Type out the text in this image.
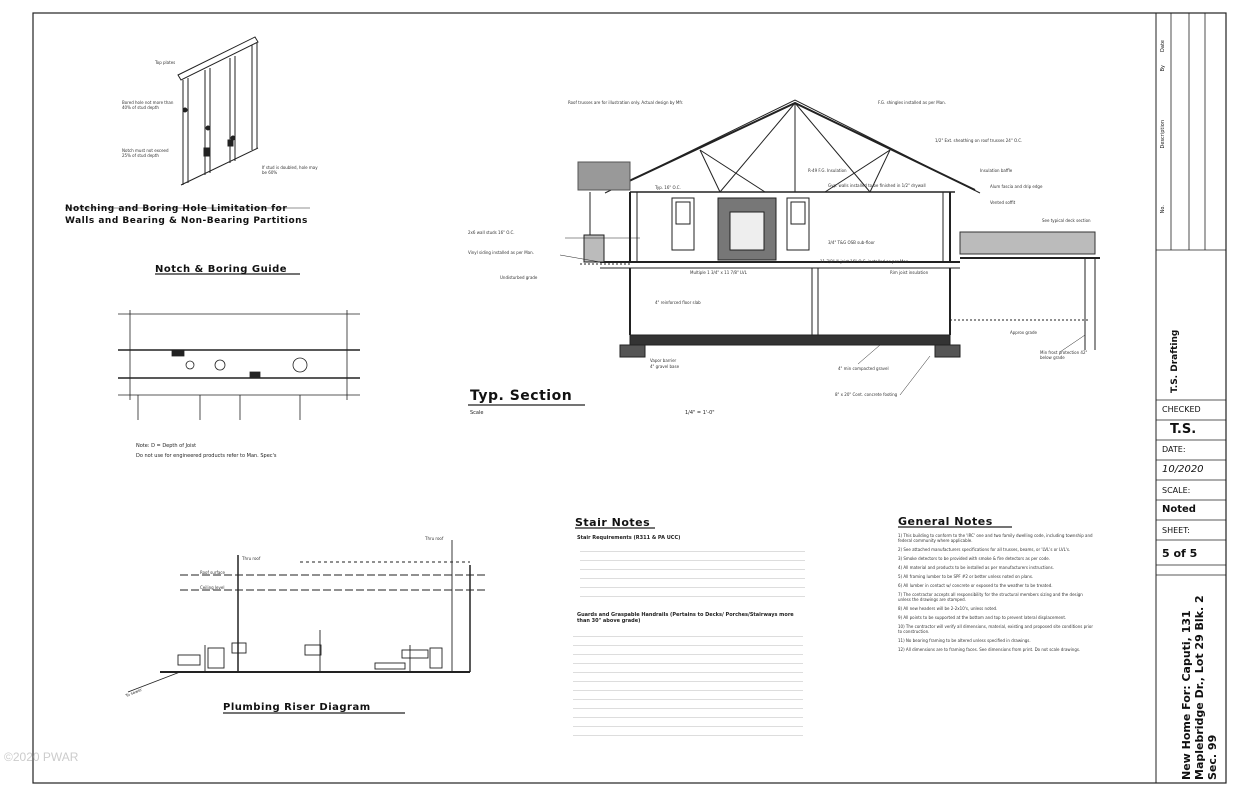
Notching and Boring Hole Limitation for Walls and Bearing & Non-Bearing Partitions
Top plates
Bored hole not more than 40% of stud depth
Notch must not exceed 25% of stud depth
If stud is doubled, hole may be 60%
Notch & Boring Guide
Note: D = Depth of Joist
Do not use for engineered products refer to Man. Spec's
Roof trusses are for illustration only. Actual design by Mfr.	F.G. shingles installed as per Man.
1/2" Ext. sheathing on roof trusses 24" O.C.
R-49 F.G. Insulation	Insulation baffle
Alum fascia and drip edge
Vented soffit
See typical deck section
Typ. 16" O.C.	Gyp. walls installed to be finished in 1/2" drywall
3/4" T&G OSB sub-floor
2x6 wall studs 16" O.C.
Vinyl siding installed as per Man.
Undisturbed grade
11 7/8" 'I' joist 16" O.C. installed as per Man.
Multiple 1 3/4" x 11 7/8" LVL	Rim joist insulation
4" reinforced floor slab
Approx grade
Vapor barrier
4" gravel base	4" min compacted gravel
8" x 20" Cont. concrete footing
Min frost protection 42" below grade
Typ. Section
Scale	1/4" = 1'-0"
Thru roof
Thru roof
Roof surface
Ceiling level
To sewer
Plumbing Riser Diagram
Stair Notes
Stair Requirements (R311 & PA UCC)
Guards and Graspable Handrails (Pertains to Decks/ Porches/Stairways more than 30" above grade)
General Notes
1) This building to conform to the 'IRC' one and two family dwelling code, including township and federal community where applicable.
2) See attached manufacturers specifications for all trusses, beams, or 'LVL's or LVL's.
3) Smoke detectors to be provided with smoke & fire detectors as per code.
4) All material and products to be installed as per manufacturers instructions.
5) All framing lumber to be SPF #2 or better unless noted on plans.
6) All lumber in contact w/ concrete or exposed to the weather to be treated.
7) The contractor accepts all responsibility for the structural members sizing and the design unless the drawings are stamped.
8) All new headers will be 2-2x10's, unless noted.
9) All points to be supported at the bottom and top to prevent lateral displacement.
10) The contractor will verify all dimensions, material, existing and proposed site conditions prior to construction.
11) No bearing framing to be altered unless specified in drawings.
12) All dimensions are to framing faces. See dimensions from print. Do not scale drawings.
No.
Description
By
Date
T.S. Drafting
CHECKED
T.S.
DATE:
10/2020
SCALE:
Noted
SHEET:
5 of 5
New Home For: Caputi, 131 Maplebridge Dr., Lot 29 Blk. 2 Sec. 99
©2020 PWAR
